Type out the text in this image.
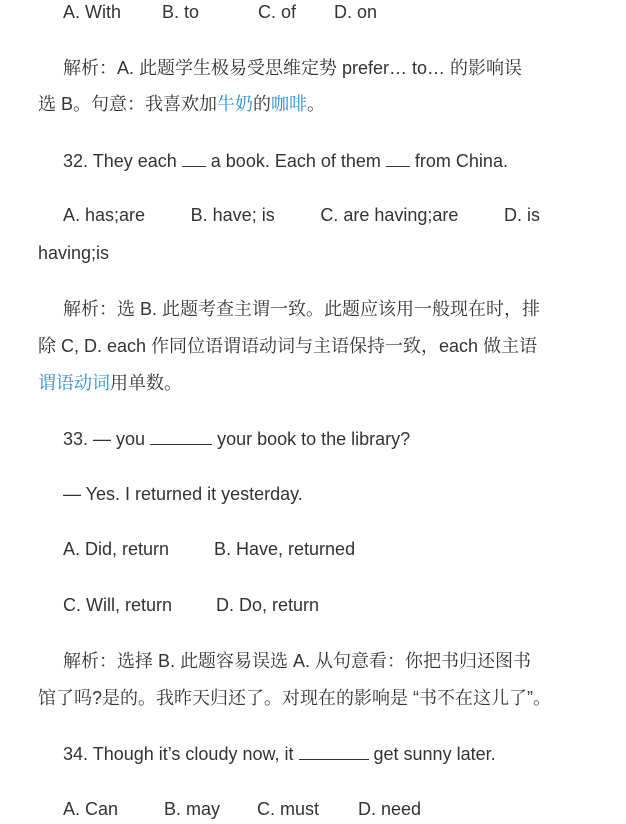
A. With B. to	C. of D. on
解析：A. 此题学生极易受思维定势 prefer… to… 的影响误
选 B。句意：我喜欢加牛奶的咖啡。
32. They each a book. Each of them from China.
A. has;are	B. have; is	C. are having;are	D. is
having;is
解析：选 B. 此题考查主谓一致。此题应该用一般现在时，排
除 C, D. each 作同位语谓语动词与主语保持一致，each 做主语
谓语动词用单数。
33. — you	your book to the library?
— Yes. I returned it yesterday.
A. Did, return B. Have, returned
C. Will, return D. Do, return
解析：选择 B. 此题容易误选 A. 从句意看：你把书归还图书
馆了吗?是的。我昨天归还了。对现在的影响是 “书不在这儿了”。
34. Though it’s cloudy now, it	get sunny later.
A. Can	B. may C. must D. need
